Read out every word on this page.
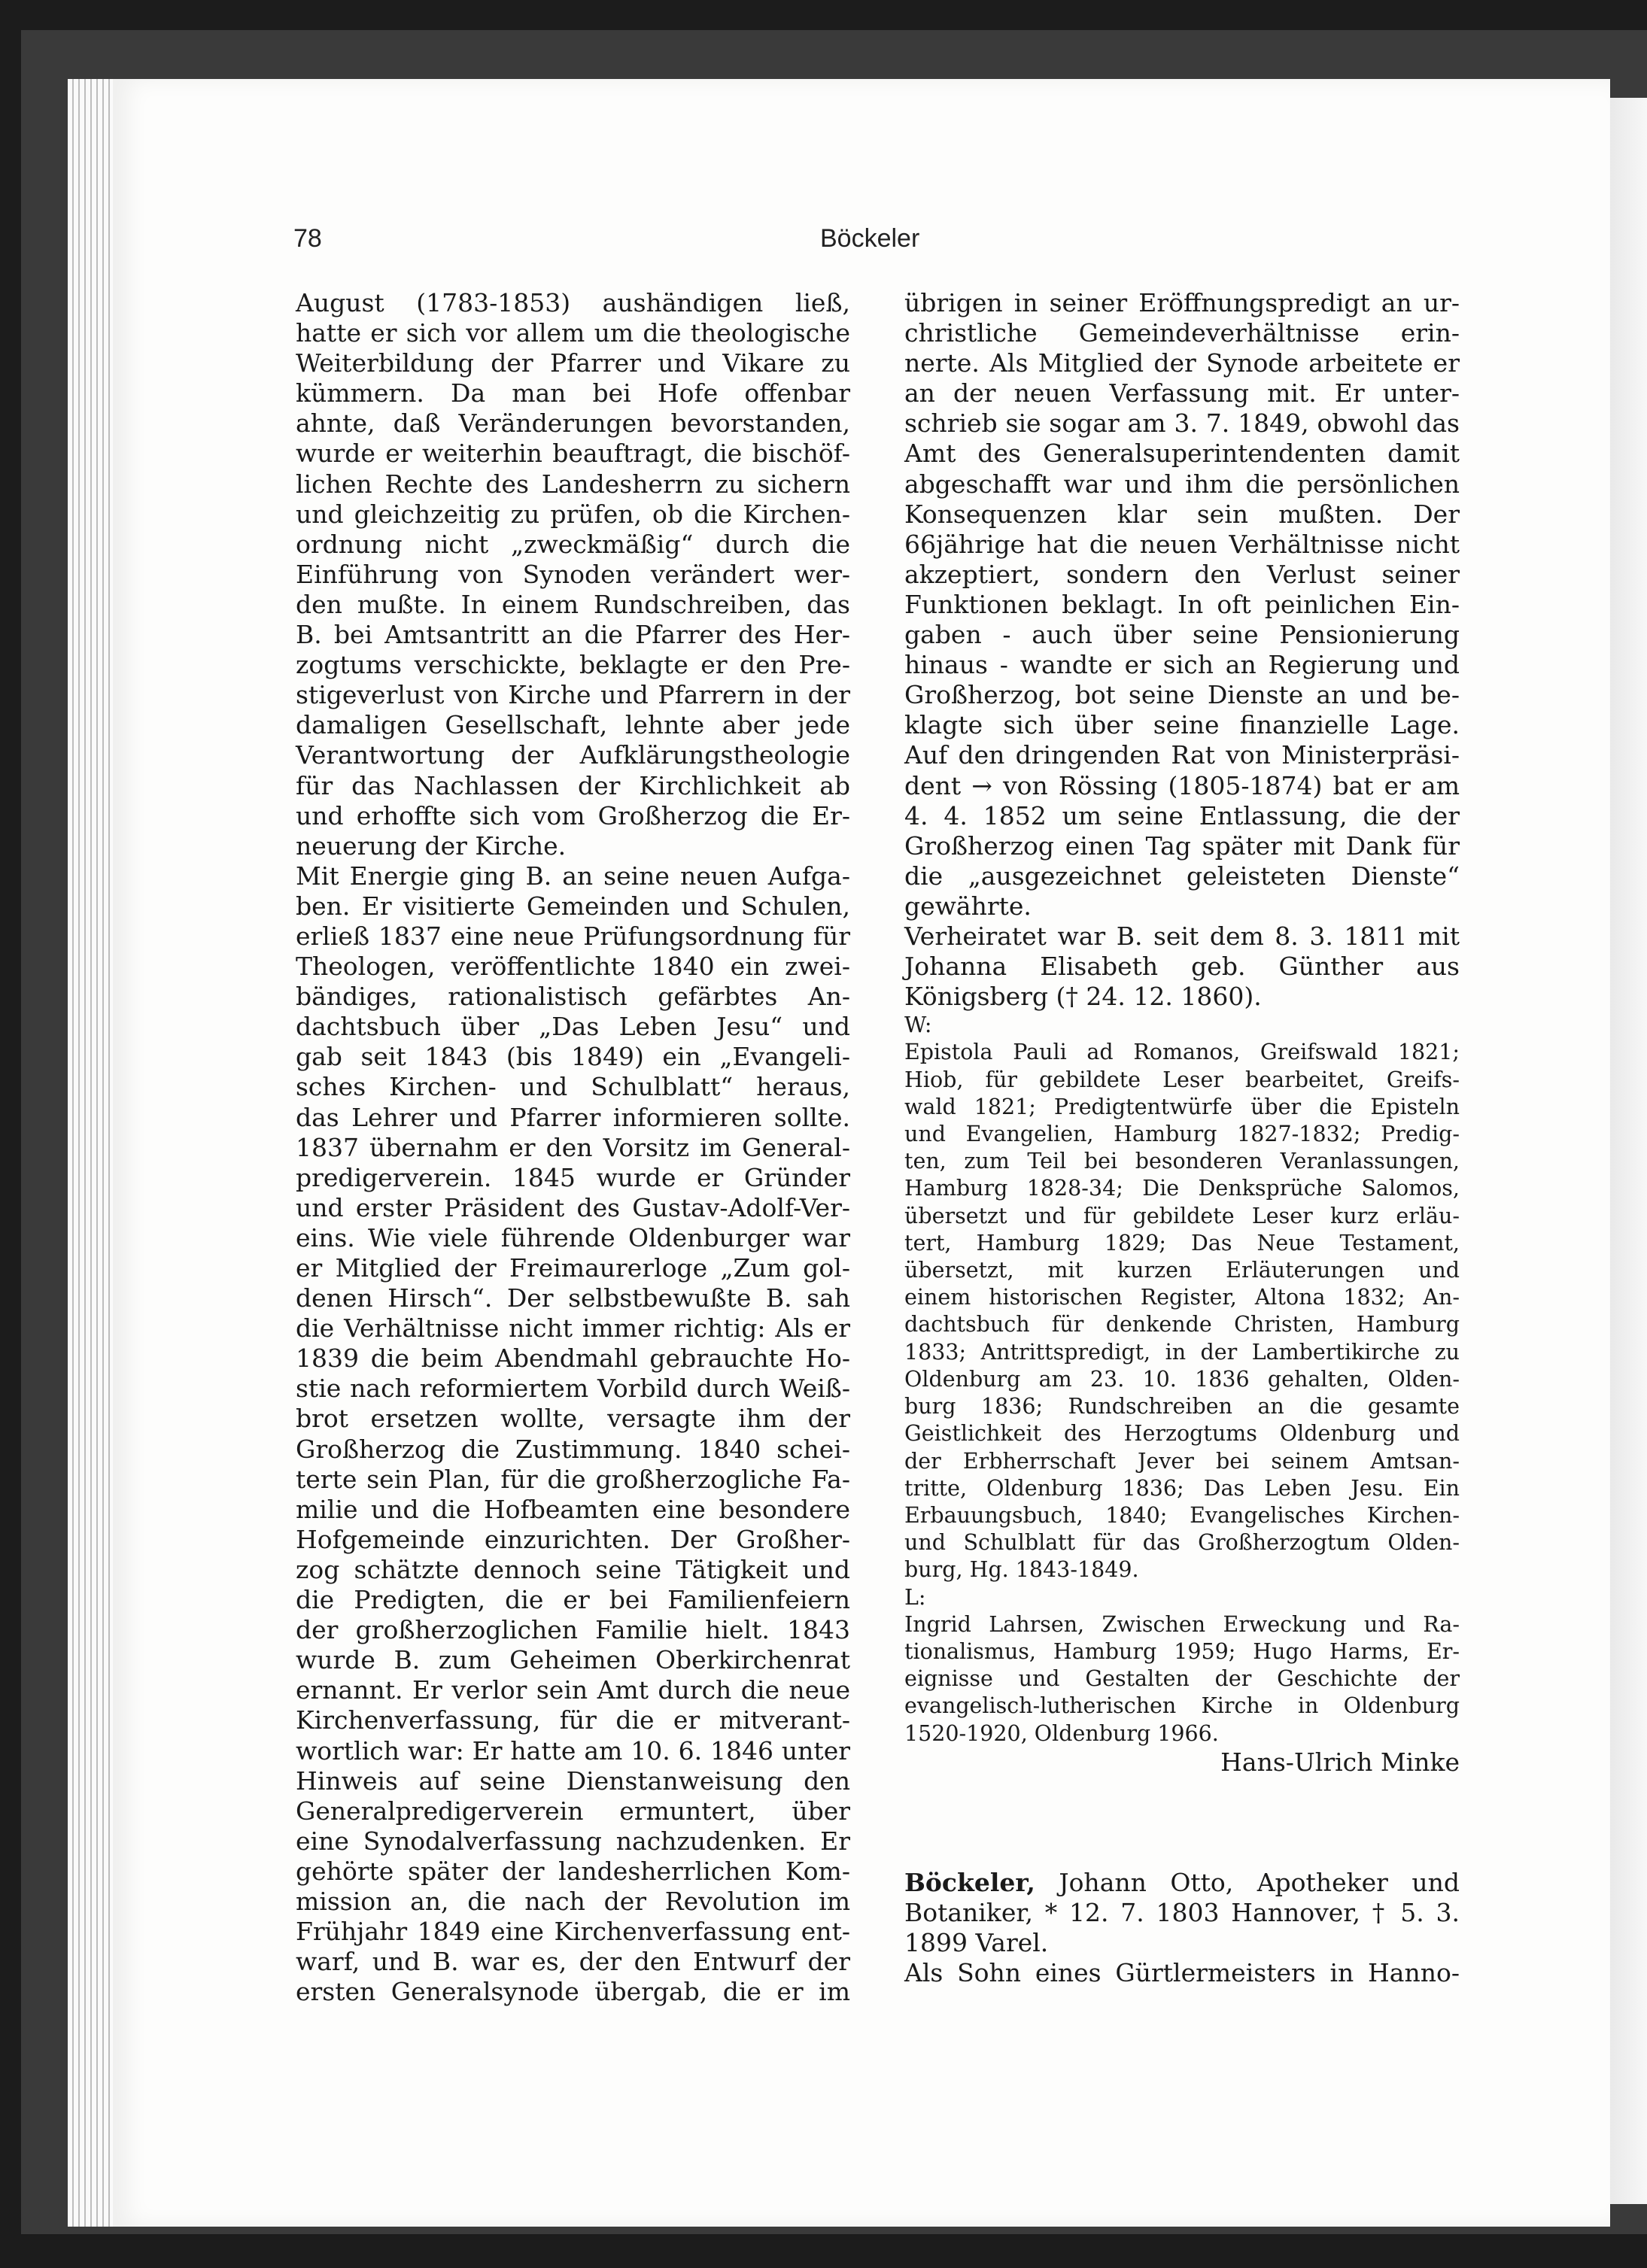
78	Böckeler

August (1783-1853) aushändigen ließ,

hatte er sich vor allem um die theologische

Weiterbildung der Pfarrer und Vikare zu

kümmern. Da man bei Hofe offenbar

ahnte, daß Veränderungen bevorstanden,

wurde er weiterhin beauftragt, die bischöf-

lichen Rechte des Landesherrn zu sichern

und gleichzeitig zu prüfen, ob die Kirchen-

ordnung nicht „zweckmäßig“ durch die

Einführung von Synoden verändert wer-

den mußte. In einem Rundschreiben, das

B. bei Amtsantritt an die Pfarrer des Her-

zogtums verschickte, beklagte er den Pre-

stigeverlust von Kirche und Pfarrern in der

damaligen Gesellschaft, lehnte aber jede

Verantwortung der Aufklärungstheologie

für das Nachlassen der Kirchlichkeit ab

und erhoffte sich vom Großherzog die Er-

neuerung der Kirche.

Mit Energie ging B. an seine neuen Aufga-

ben. Er visitierte Gemeinden und Schulen,

erließ 1837 eine neue Prüfungsordnung für

Theologen, veröffentlichte 1840 ein zwei-

bändiges, rationalistisch gefärbtes An-

dachtsbuch über „Das Leben Jesu“ und

gab seit 1843 (bis 1849) ein „Evangeli-

sches Kirchen- und Schulblatt“ heraus,

das Lehrer und Pfarrer informieren sollte.

1837 übernahm er den Vorsitz im General-

predigerverein. 1845 wurde er Gründer

und erster Präsident des Gustav-Adolf-Ver-

eins. Wie viele führende Oldenburger war

er Mitglied der Freimaurerloge „Zum gol-

denen Hirsch“. Der selbstbewußte B. sah

die Verhältnisse nicht immer richtig: Als er

1839 die beim Abendmahl gebrauchte Ho-

stie nach reformiertem Vorbild durch Weiß-

brot ersetzen wollte, versagte ihm der

Großherzog die Zustimmung. 1840 schei-

terte sein Plan, für die großherzogliche Fa-

milie und die Hofbeamten eine besondere

Hofgemeinde einzurichten. Der Großher-

zog schätzte dennoch seine Tätigkeit und

die Predigten, die er bei Familienfeiern

der großherzoglichen Familie hielt. 1843

wurde B. zum Geheimen Oberkirchenrat

ernannt. Er verlor sein Amt durch die neue

Kirchenverfassung, für die er mitverant-

wortlich war: Er hatte am 10. 6. 1846 unter

Hinweis auf seine Dienstanweisung den

Generalpredigerverein ermuntert, über

eine Synodalverfassung nachzudenken. Er

gehörte später der landesherrlichen Kom-

mission an, die nach der Revolution im

Frühjahr 1849 eine Kirchenverfassung ent-

warf, und B. war es, der den Entwurf der

ersten Generalsynode übergab, die er im

übrigen in seiner Eröffnungspredigt an ur-

christliche Gemeindeverhältnisse erin-

nerte. Als Mitglied der Synode arbeitete er

an der neuen Verfassung mit. Er unter-

schrieb sie sogar am 3. 7. 1849, obwohl das

Amt des Generalsuperintendenten damit

abgeschafft war und ihm die persönlichen

Konsequenzen klar sein mußten. Der

66jährige hat die neuen Verhältnisse nicht

akzeptiert, sondern den Verlust seiner

Funktionen beklagt. In oft peinlichen Ein-

gaben - auch über seine Pensionierung

hinaus - wandte er sich an Regierung und

Großherzog, bot seine Dienste an und be-

klagte sich über seine finanzielle Lage.

Auf den dringenden Rat von Ministerpräsi-

dent → von Rössing (1805-1874) bat er am

4. 4. 1852 um seine Entlassung, die der

Großherzog einen Tag später mit Dank für

die „ausgezeichnet geleisteten Dienste“

gewährte.

Verheiratet war B. seit dem 8. 3. 1811 mit

Johanna Elisabeth geb. Günther aus

Königsberg († 24. 12. 1860).

W:

Epistola Pauli ad Romanos, Greifswald 1821;

Hiob, für gebildete Leser bearbeitet, Greifs-

wald 1821; Predigtentwürfe über die Episteln

und Evangelien, Hamburg 1827-1832; Predig-

ten, zum Teil bei besonderen Veranlassungen,

Hamburg 1828-34; Die Denksprüche Salomos,

übersetzt und für gebildete Leser kurz erläu-

tert, Hamburg 1829; Das Neue Testament,

übersetzt, mit kurzen Erläuterungen und

einem historischen Register, Altona 1832; An-

dachtsbuch für denkende Christen, Hamburg

1833; Antrittspredigt, in der Lambertikirche zu

Oldenburg am 23. 10. 1836 gehalten, Olden-

burg 1836; Rundschreiben an die gesamte

Geistlichkeit des Herzogtums Oldenburg und

der Erbherrschaft Jever bei seinem Amtsan-

tritte, Oldenburg 1836; Das Leben Jesu. Ein

Erbauungsbuch, 1840; Evangelisches Kirchen-

und Schulblatt für das Großherzogtum Olden-

burg, Hg. 1843-1849.

L:

Ingrid Lahrsen, Zwischen Erweckung und Ra-

tionalismus, Hamburg 1959; Hugo Harms, Er-

eignisse und Gestalten der Geschichte der

evangelisch-lutherischen Kirche in Oldenburg

1520-1920, Oldenburg 1966.

Hans-Ulrich Minke

Böckeler, Johann Otto, Apotheker und

Botaniker, * 12. 7. 1803 Hannover, † 5. 3.

1899 Varel.

Als Sohn eines Gürtlermeisters in Hanno-
